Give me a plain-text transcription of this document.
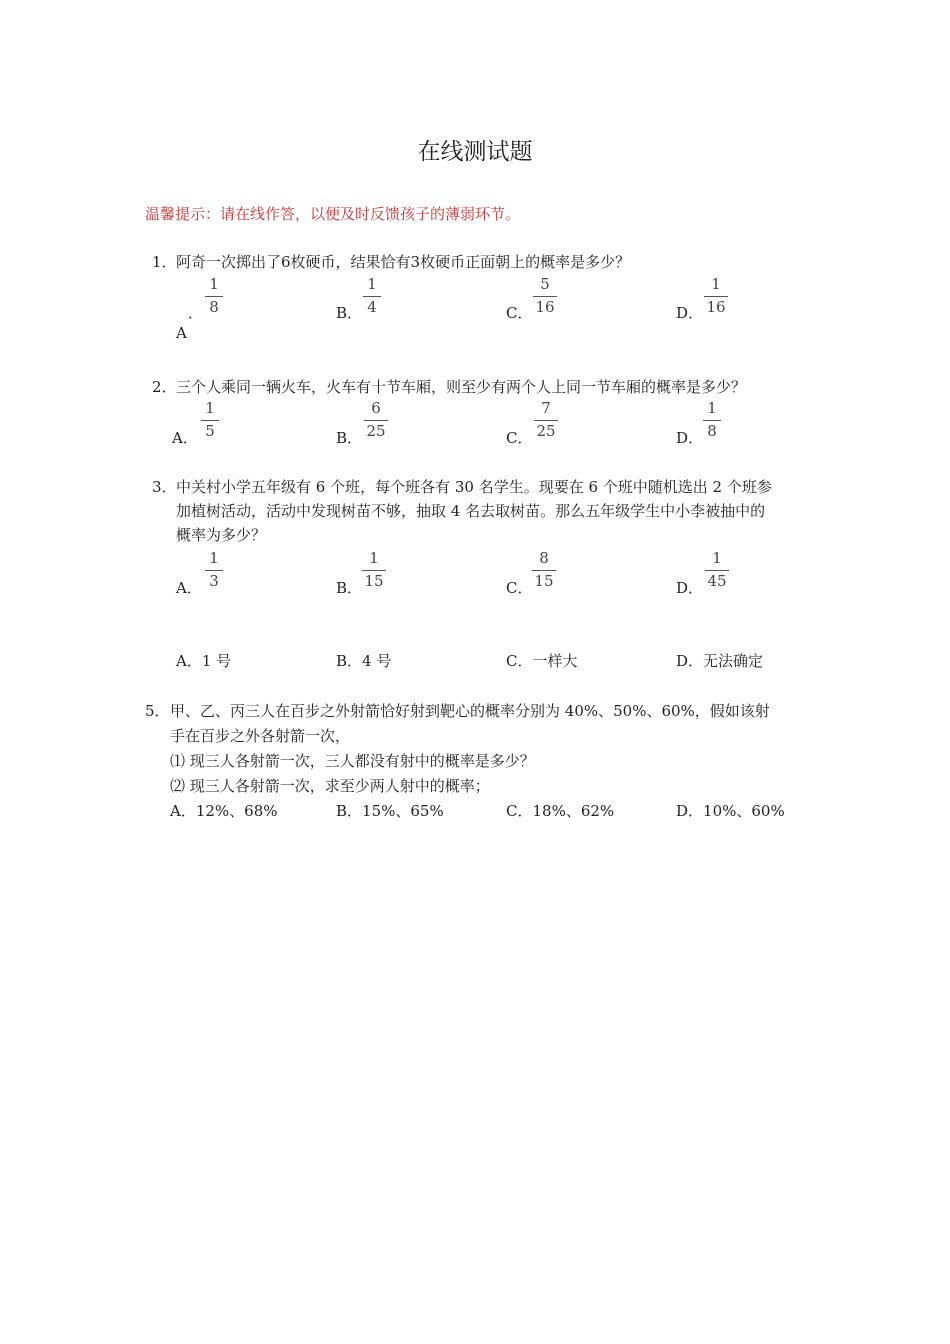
在线测试题
温馨提示：请在线作答，以便及时反馈孩子的薄弱环节。
1． 阿奇一次掷出了6枚硬币，结果恰有3枚硬币正面朝上的概率是多少？
．
A
1
8	B．
1
4	C．
5
16	D．
1
16
2． 三个人乘同一辆火车，火车有十节车厢，则至少有两个人上同一节车厢的概率是多少？
A．
1
5	B．
6
25	C．
7
25	D．
1
8
3． 中关村小学五年级有 6 个班，每个班各有 30 名学生。现要在 6 个班中随机选出 2 个班参
加植树活动，活动中发现树苗不够，抽取 4 名去取树苗。那么五年级学生中小李被抽中的
概率为多少？
A．
1
3	B．
1
15	C．
8
15	D．
1
45
A．1 号	B．4 号	C．一样大	D．无法确定
5． 甲、乙、丙三人在百步之外射箭恰好射到靶心的概率分别为 40%、50%、60%，假如该射
手在百步之外各射箭一次，
⑴ 现三人各射箭一次，三人都没有射中的概率是多少？
⑵ 现三人各射箭一次，求至少两人射中的概率；
A．12%、68%	B．15%、65%	C．18%、62%	D．10%、60%
